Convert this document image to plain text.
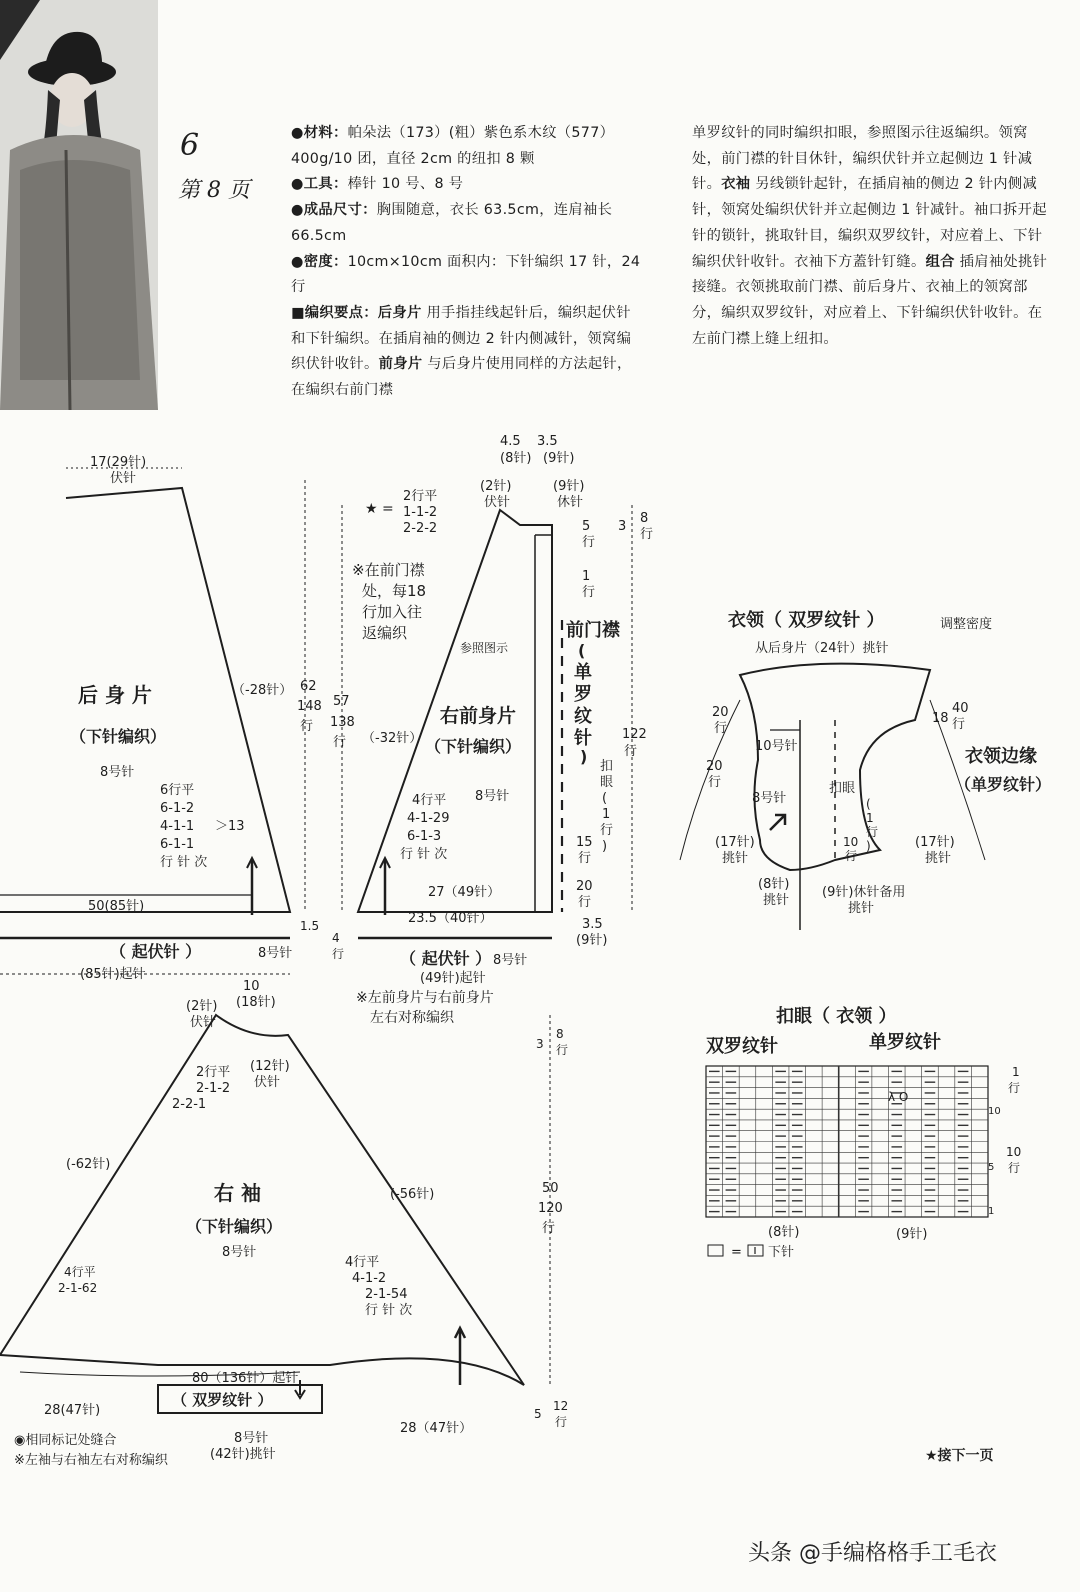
6
第 8 页
●材料：帕朵法（173）(粗）紫色系木纹（577）400g/10 团，直径 2cm 的纽扣 8 颗
●工具：棒针 10 号、8 号
●成品尺寸：胸围随意，衣长 63.5cm，连肩袖长 66.5cm
●密度：10cm×10cm 面积内：下针编织 17 针，24 行
■编织要点：后身片 用手指挂线起针后，编织起伏针和下针编织。在插肩袖的侧边 2 针内侧减针，领窝编织伏针收针。前身片 与后身片使用同样的方法起针，在编织右前门襟
单罗纹针的同时编织扣眼，参照图示往返编织。领窝处，前门襟的针目休针，编织伏针并立起侧边 1 针减针。衣袖 另线锁针起针，在插肩袖的侧边 2 针内侧减针，领窝处编织伏针并立起侧边 1 针减针。袖口拆开起针的锁针，挑取针目，编织双罗纹针，对应着上、下针编织伏针收针。衣袖下方蓋针钉缝。组合 插肩袖处挑针接缝。衣领挑取前门襟、前后身片、衣袖上的领窝部分，编织双罗纹针，对应着上、下针编织伏针收针。在左前门襟上缝上纽扣。
17(29针)
伏针
后 身 片
（下针编织）
8号针
6行平
6-1-2
4-1-1
6-1-1
行 针 次
＞13
（-28针）
50(85针)
（ 起伏针 ）	8号针
(85针)起针
62
148
行
1.5
4
行
4.5 3.5
(8针) (9针)
(2针)
伏针
(9针)
休针
★ =
2行平
1-1-2
2-2-2
※在前门襟
处，每18
行加入往
返编织
参照图示
57
138
行 （-32针）
右前身片
（下针编织）
8号针
4行平
4-1-29
6-1-3
行 针 次
27（49针）
23.5（40针）
（ 起伏针 ） 8号针
(49针)起针
※左前身片与右前身片
左右对称编织
前门襟
(
单
罗
纹
针
)
3
8
行
5
行
1
行
扣
眼
(
1
行
)
122
行
15
行
20
行
3.5
(9针)
衣领（ 双罗纹针 ）	调整密度
从后身片（24针）挑针
20
行
40
18 行
10号针
20
行
8号针
扣眼
(
1
行
)
10
行
衣领边缘
（单罗纹针）
(17针)
挑针
(17针)
挑针
(8针)
挑针
(9针)休针备用
挑针
10
(18针)
(2针)
伏针
(12针)
伏针
2行平
2-1-2
2-2-1
(-62针)
(-56针)
右 袖
（下针编织）
8号针
4行平
2-1-62
4行平
4-1-2
2-1-54
行 针 次
3
8
行
50
120
行
5
12
行
80（136针）起针
28(47针)
28（47针）
（ 双罗纹针 ）
8号针
(42针)挑针
◉相同标记处缝合
※左袖与右袖左右对称编织
扣眼（ 衣领 ）
双罗纹针	单罗纹针
λ O
1
行
10
10
行
5
1
(8针)	(9针)
= 下针
★接下一页
头条 @手编格格手工毛衣
